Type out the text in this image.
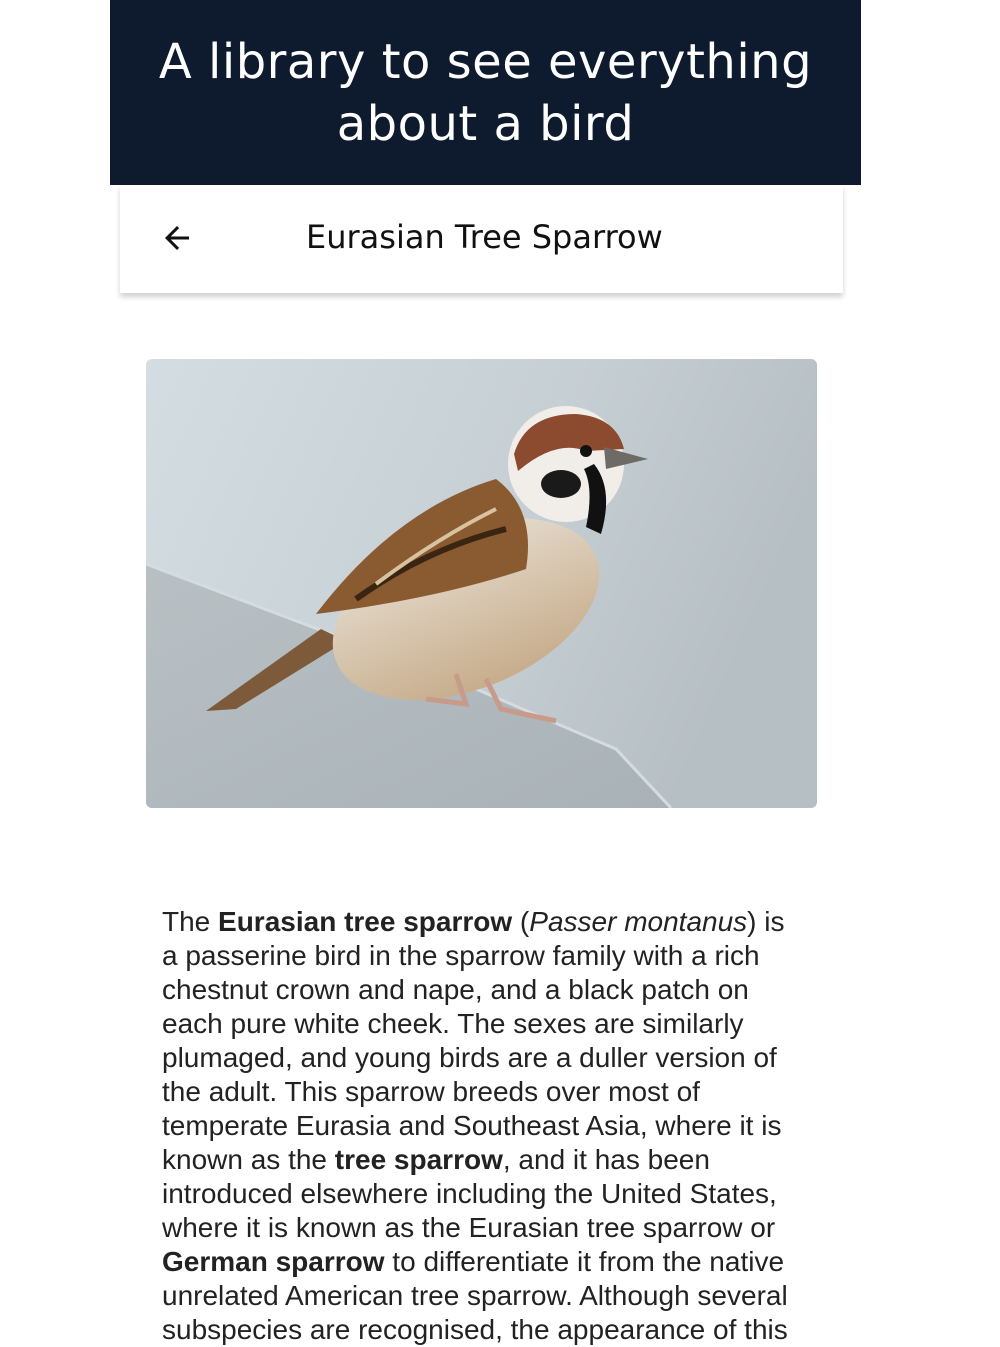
A library to see everything about a bird
Eurasian Tree Sparrow
The Eurasian tree sparrow (Passer montanus) is a passerine bird in the sparrow family with a rich chestnut crown and nape, and a black patch on each pure white cheek. The sexes are similarly plumaged, and young birds are a duller version of the adult. This sparrow breeds over most of temperate Eurasia and Southeast Asia, where it is known as the tree sparrow, and it has been introduced elsewhere including the United States, where it is known as the Eurasian tree sparrow or German sparrow to differentiate it from the native unrelated American tree sparrow. Although several subspecies are recognised, the appearance of this
